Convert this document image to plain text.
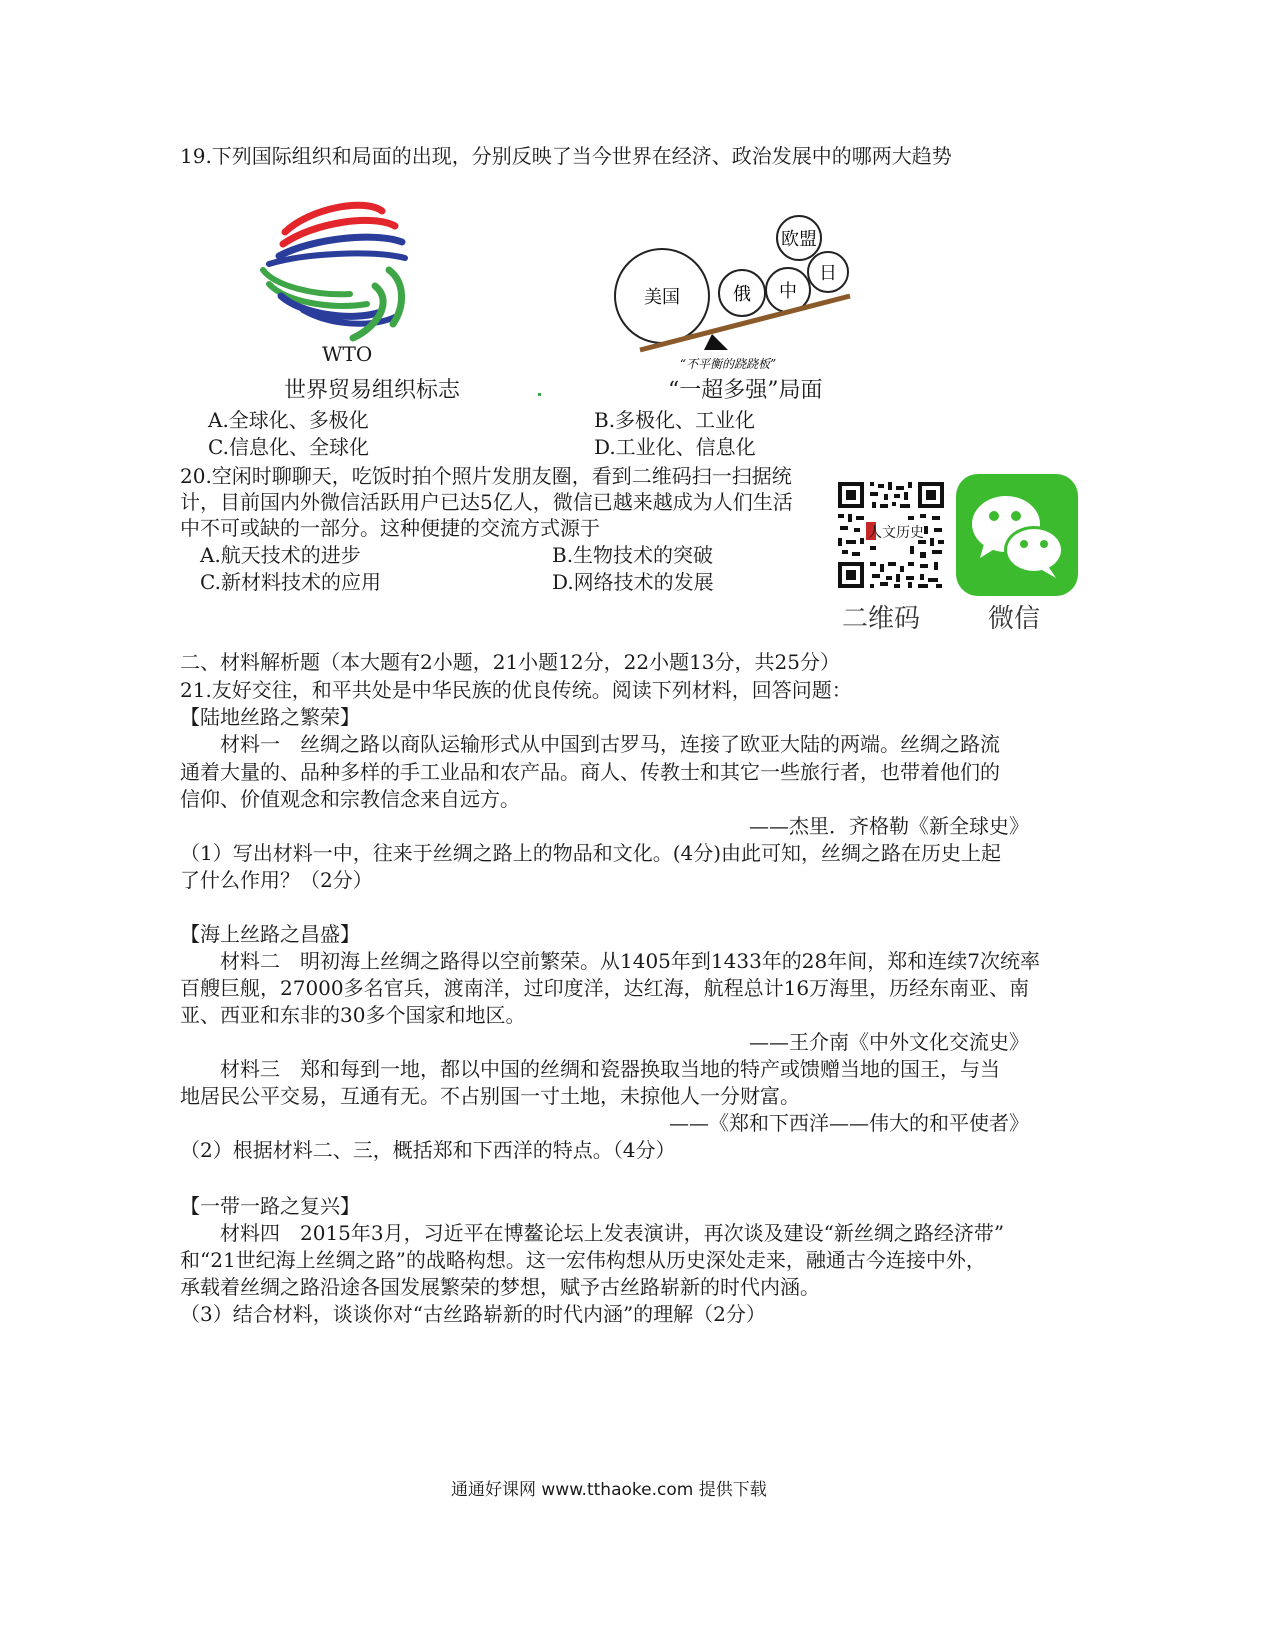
19.下列国际组织和局面的出现，分别反映了当今世界在经济、政治发展中的哪两大趋势
WTO
美国	俄 中
欧盟
日
“不平衡的跷跷板”
世界贸易组织标志	“一超多强”局面
A.全球化、多极化	B.多极化、工业化
C.信息化、全球化	D.工业化、信息化
20.空闲时聊聊天，吃饭时拍个照片发朋友圈，看到二维码扫一扫据统
计，目前国内外微信活跃用户已达5亿人，微信已越来越成为人们生活
中不可或缺的一部分。这种便捷的交流方式源于
A.航天技术的进步	B.生物技术的突破
C.新材料技术的应用	D.网络技术的发展
人文历史
二维码	微信
二、材料解析题（本大题有2小题，21小题12分，22小题13分，共25分）
21.友好交往，和平共处是中华民族的优良传统。阅读下列材料，回答问题：
【陆地丝路之繁荣】
材料一　丝绸之路以商队运输形式从中国到古罗马，连接了欧亚大陆的两端。丝绸之路流
通着大量的、品种多样的手工业品和农产品。商人、传教士和其它一些旅行者，也带着他们的
信仰、价值观念和宗教信念来自远方。
——杰里．齐格勒《新全球史》
（1）写出材料一中，往来于丝绸之路上的物品和文化。(4分)由此可知，丝绸之路在历史上起
了什么作用？（2分）
【海上丝路之昌盛】
材料二　明初海上丝绸之路得以空前繁荣。从1405年到1433年的28年间，郑和连续7次统率
百艘巨舰，27000多名官兵，渡南洋，过印度洋，达红海，航程总计16万海里，历经东南亚、南
亚、西亚和东非的30多个国家和地区。
——王介南《中外文化交流史》
材料三　郑和每到一地，都以中国的丝绸和瓷器换取当地的特产或馈赠当地的国王，与当
地居民公平交易，互通有无。不占别国一寸土地，未掠他人一分财富。
——《郑和下西洋——伟大的和平使者》
（2）根据材料二、三，概括郑和下西洋的特点。（4分）
【一带一路之复兴】
材料四　2015年3月，习近平在博鳌论坛上发表演讲，再次谈及建设“新丝绸之路经济带”
和“21世纪海上丝绸之路”的战略构想。这一宏伟构想从历史深处走来，融通古今连接中外，
承载着丝绸之路沿途各国发展繁荣的梦想，赋予古丝路崭新的时代内涵。
（3）结合材料，谈谈你对“古丝路崭新的时代内涵”的理解（2分）
通通好课网 www.tthaoke.com 提供下载
